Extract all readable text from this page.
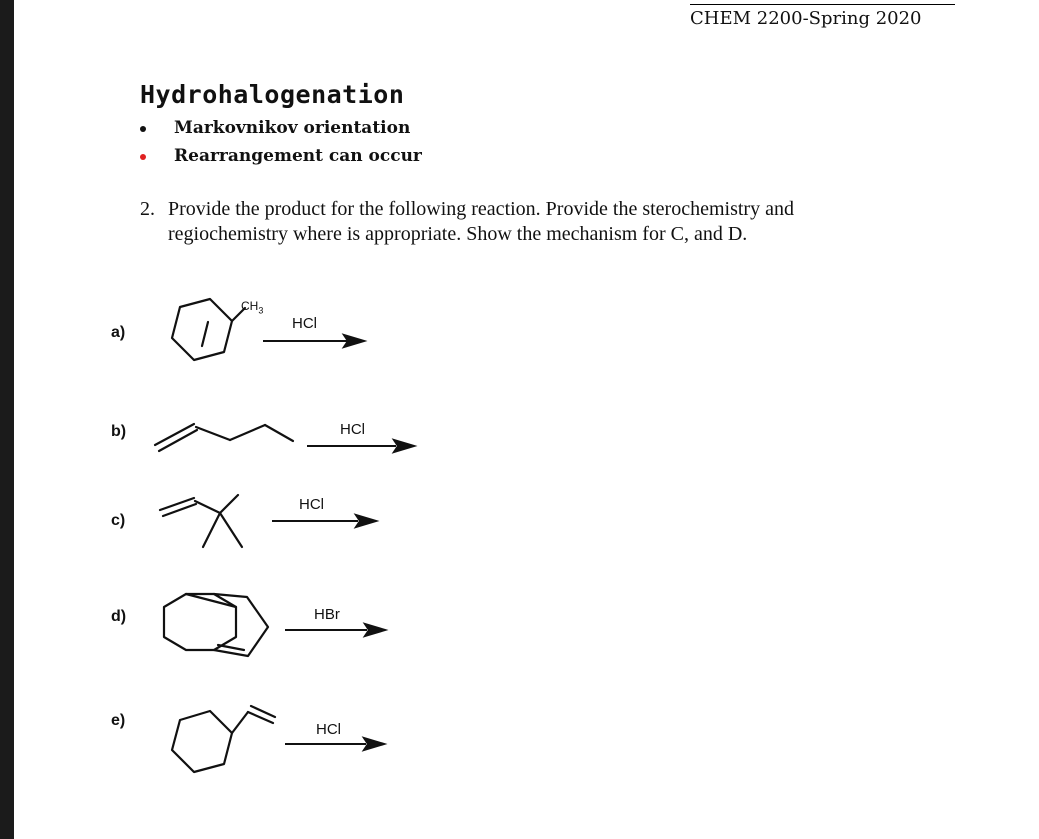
CHEM 2200-Spring 2020
Hydrohalogenation
Markovnikov orientation
Rearrangement can occur
2. Provide the product for the following reaction. Provide the sterochemistry and
regiochemistry where is appropriate. Show the mechanism for C, and D.
a)
b)
c)
d)
e)
HCl
HCl
HCl
HBr
HCl
$CH_3$
